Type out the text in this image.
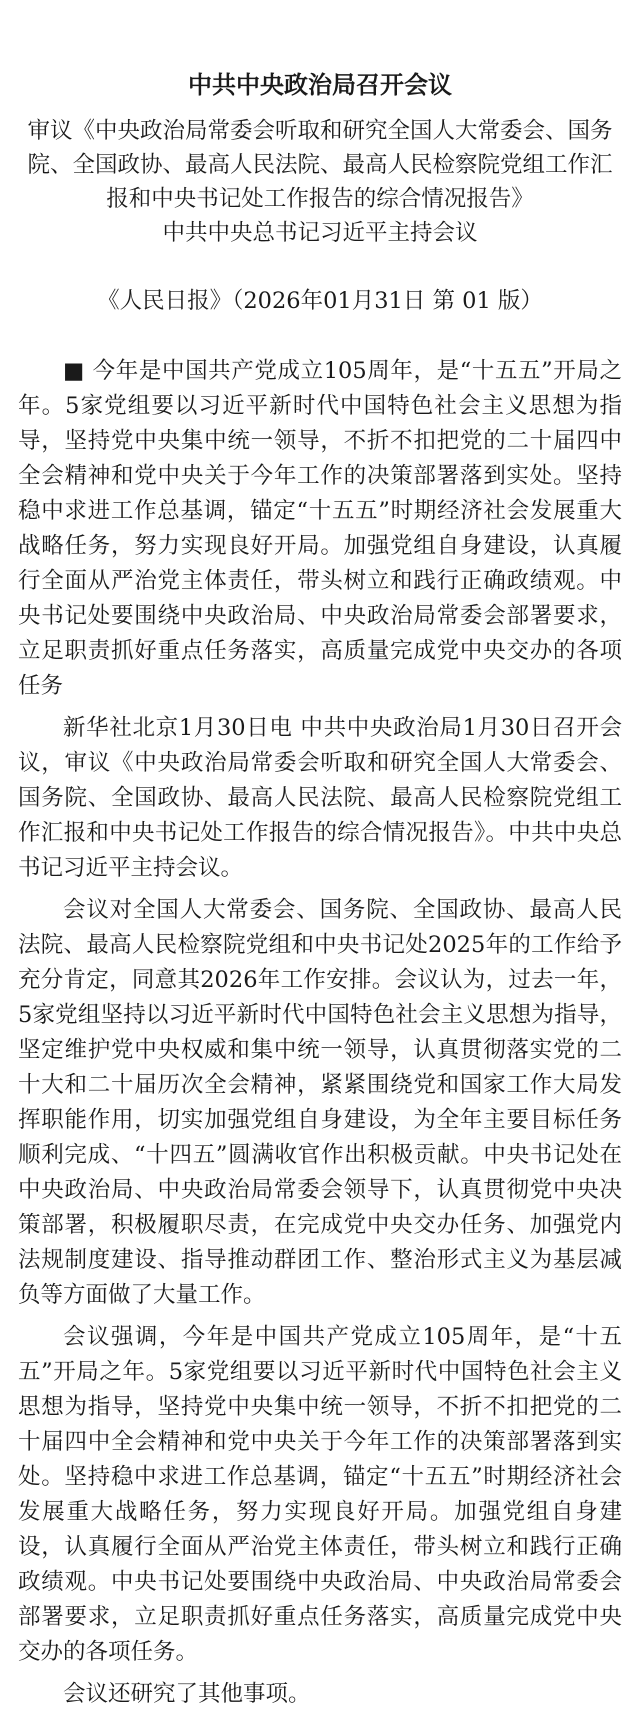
中共中央政治局召开会议
审议《中央政治局常委会听取和研究全国人大常委会、国务院、全国政协、最高人民法院、最高人民检察院党组工作汇报和中央书记处工作报告的综合情况报告》
中共中央总书记习近平主持会议
《人民日报》（2026年01月31日 第 01 版）

■ 今年是中国共产党成立105周年，是“十五五”开局之年。5家党组要以习近平新时代中国特色社会主义思想为指导，坚持党中央集中统一领导，不折不扣把党的二十届四中全会精神和党中央关于今年工作的决策部署落到实处。坚持稳中求进工作总基调，锚定“十五五”时期经济社会发展重大战略任务，努力实现良好开局。加强党组自身建设，认真履行全面从严治党主体责任，带头树立和践行正确政绩观。中央书记处要围绕中央政治局、中央政治局常委会部署要求，立足职责抓好重点任务落实，高质量完成党中央交办的各项任务

新华社北京1月30日电 中共中央政治局1月30日召开会议，审议《中央政治局常委会听取和研究全国人大常委会、国务院、全国政协、最高人民法院、最高人民检察院党组工作汇报和中央书记处工作报告的综合情况报告》。中共中央总书记习近平主持会议。

会议对全国人大常委会、国务院、全国政协、最高人民法院、最高人民检察院党组和中央书记处2025年的工作给予充分肯定，同意其2026年工作安排。会议认为，过去一年，5家党组坚持以习近平新时代中国特色社会主义思想为指导，坚定维护党中央权威和集中统一领导，认真贯彻落实党的二十大和二十届历次全会精神，紧紧围绕党和国家工作大局发挥职能作用，切实加强党组自身建设，为全年主要目标任务顺利完成、“十四五”圆满收官作出积极贡献。中央书记处在中央政治局、中央政治局常委会领导下，认真贯彻党中央决策部署，积极履职尽责，在完成党中央交办任务、加强党内法规制度建设、指导推动群团工作、整治形式主义为基层减负等方面做了大量工作。

会议强调，今年是中国共产党成立105周年，是“十五五”开局之年。5家党组要以习近平新时代中国特色社会主义思想为指导，坚持党中央集中统一领导，不折不扣把党的二十届四中全会精神和党中央关于今年工作的决策部署落到实处。坚持稳中求进工作总基调，锚定“十五五”时期经济社会发展重大战略任务，努力实现良好开局。加强党组自身建设，认真履行全面从严治党主体责任，带头树立和践行正确政绩观。中央书记处要围绕中央政治局、中央政治局常委会部署要求，立足职责抓好重点任务落实，高质量完成党中央交办的各项任务。

会议还研究了其他事项。
